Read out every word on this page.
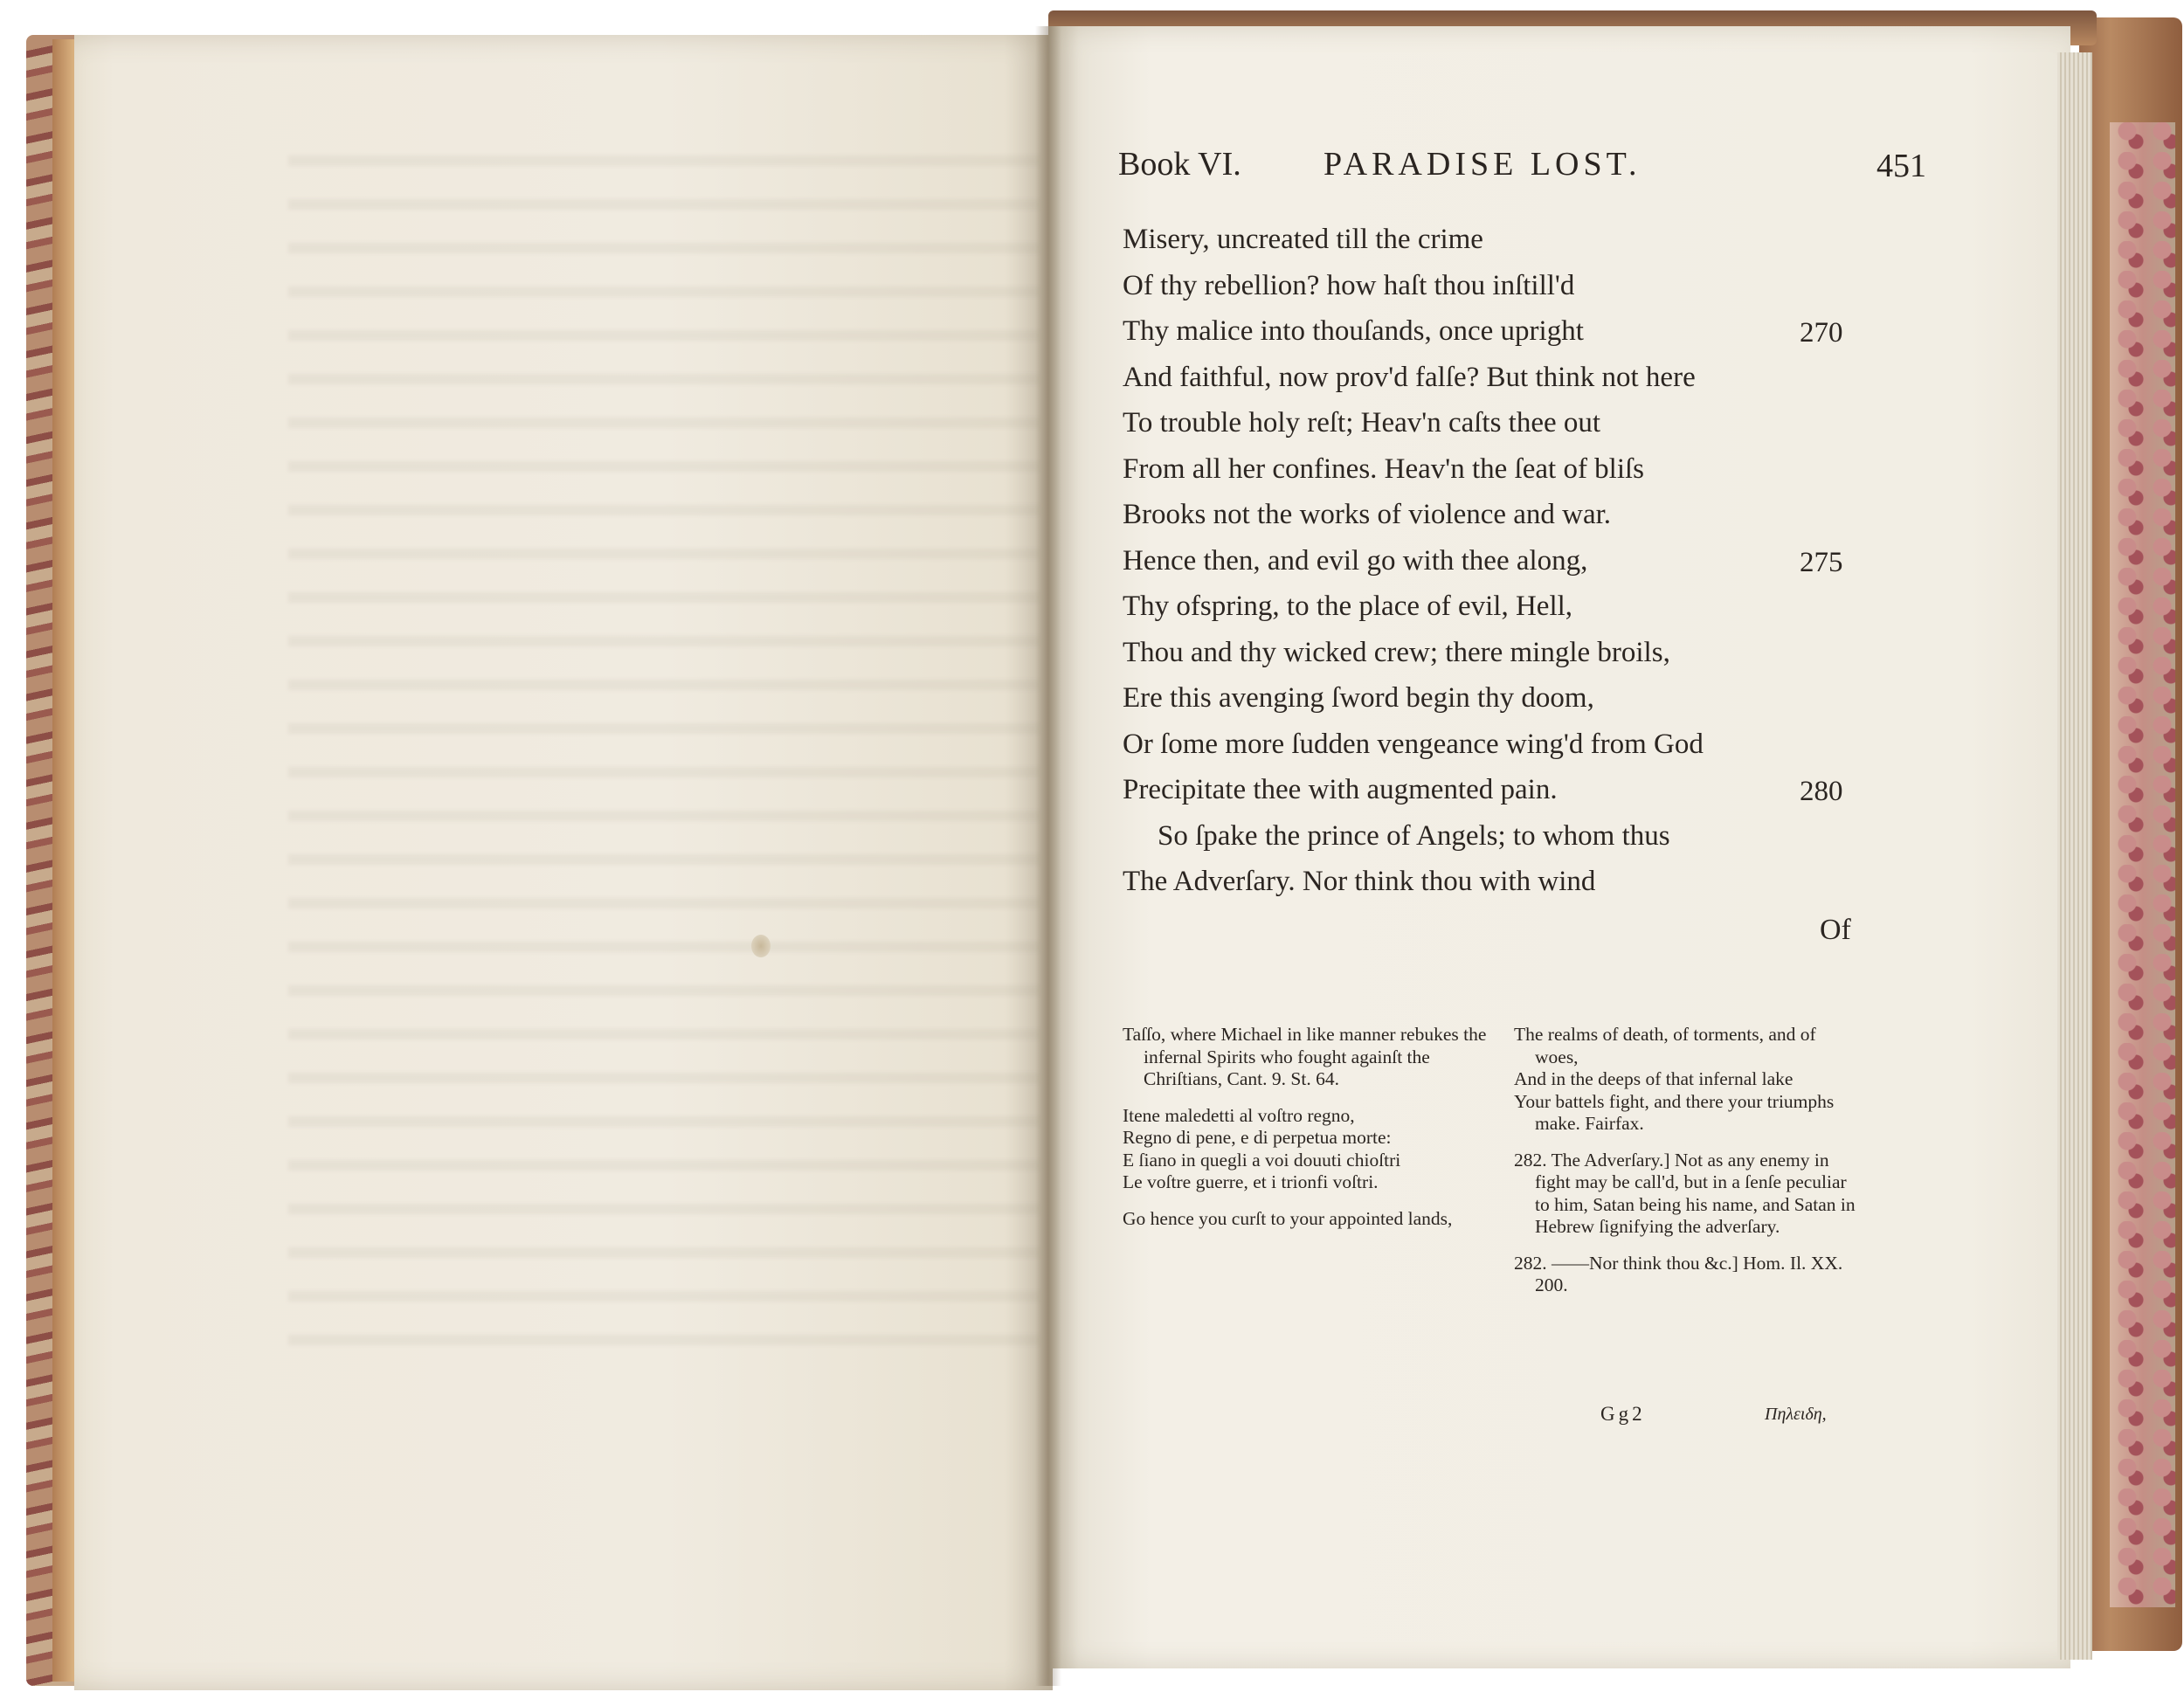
Book VI. PARADISE LOST.	451
Misery, uncreated till the crime
Of thy rebellion? how haſt thou inſtill'd
Thy malice into thouſands, once upright	270
And faithful, now prov'd falſe? But think not here
To trouble holy reſt; Heav'n caſts thee out
From all her confines. Heav'n the ſeat of bliſs
Brooks not the works of violence and war.
Hence then, and evil go with thee along,	275
Thy ofspring, to the place of evil, Hell,
Thou and thy wicked crew; there mingle broils,
Ere this avenging ſword begin thy doom,
Or ſome more ſudden vengeance wing'd from God
Precipitate thee with augmented pain.	280
So ſpake the prince of Angels; to whom thus
The Adverſary. Nor think thou with wind
Of
Taſſo, where Michael in like manner rebukes the infernal Spirits who fought againſt the Chriſtians, Cant. 9. St. 64.
Itene maledetti al voſtro regno,
Regno di pene, e di perpetua morte:
E ſiano in quegli a voi douuti chioſtri
Le voſtre guerre, et i trionfi voſtri.
Go hence you curſt to your appointed lands,
The realms of death, of torments, and of woes,
And in the deeps of that infernal lake
Your battels fight, and there your triumphs make. Fairfax.
282. The Adverſary.] Not as any enemy in fight may be call'd, but in a ſenſe peculiar to him, Satan being his name, and Satan in Hebrew ſignifying the adverſary.
282. ——Nor think thou &c.] Hom. Il. XX. 200.
Gg2	Πηλειδη,
